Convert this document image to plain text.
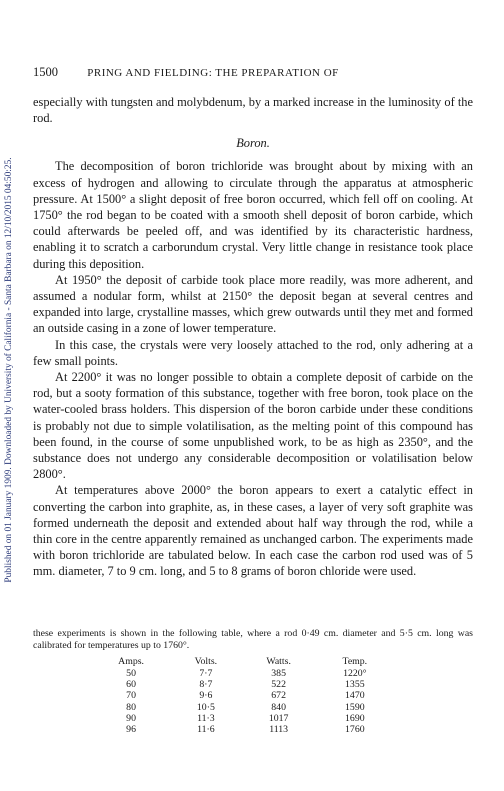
Published on 01 January 1909. Downloaded by University of California - Santa Barbara on 12/10/2015 04:50:25.
1500	PRING AND FIELDING: THE PREPARATION OF

especially with tungsten and molybdenum, by a marked increase in the luminosity of the rod.

Boron.

The decomposition of boron trichloride was brought about by mixing with an excess of hydrogen and allowing to circulate through the apparatus at atmospheric pressure. At 1500° a slight deposit of free boron occurred, which fell off on cooling. At 1750° the rod began to be coated with a smooth shell deposit of boron carbide, which could afterwards be peeled off, and was identified by its characteristic hardness, enabling it to scratch a carborundum crystal. Very little change in resistance took place during this deposition.

At 1950° the deposit of carbide took place more readily, was more adherent, and assumed a nodular form, whilst at 2150° the deposit began at several centres and expanded into large, crystalline masses, which grew outwards until they met and formed an outside casing in a zone of lower temperature.

In this case, the crystals were very loosely attached to the rod, only adhering at a few small points.

At 2200° it was no longer possible to obtain a complete deposit of carbide on the rod, but a sooty formation of this substance, together with free boron, took place on the water-cooled brass holders. This dispersion of the boron carbide under these conditions is probably not due to simple volatilisation, as the melting point of this compound has been found, in the course of some unpublished work, to be as high as 2350°, and the substance does not undergo any considerable decomposition or volatilisation below 2800°.

At temperatures above 2000° the boron appears to exert a catalytic effect in converting the carbon into graphite, as, in these cases, a layer of very soft graphite was formed underneath the deposit and extended about half way through the rod, while a thin core in the centre apparently remained as unchanged carbon. The experiments made with boron trichloride are tabulated below. In each case the carbon rod used was of 5 mm. diameter, 7 to 9 cm. long, and 5 to 8 grams of boron chloride were used.

these experiments is shown in the following table, where a rod 0·49 cm. diameter and 5·5 cm. long was calibrated for temperatures up to 1760°.

Amps.	Volts.	Watts.	Temp.
50	7·7	385	1220°
60	8·7	522	1355
70	9·6	672	1470
80	10·5	840	1590
90	11·3	1017	1690
96	11·6	1113	1760
